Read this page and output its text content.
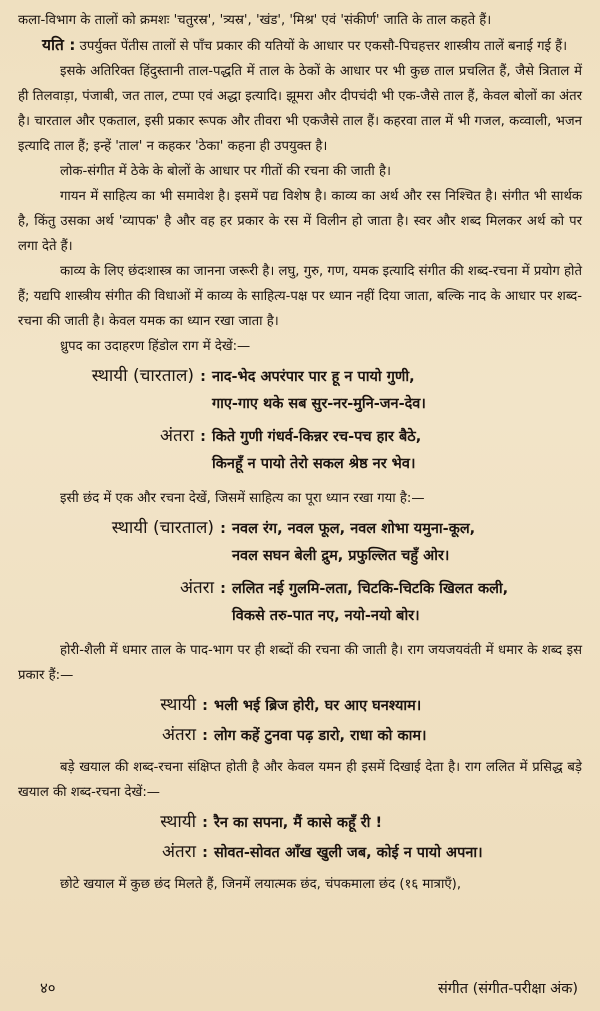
कला-विभाग के तालों को क्रमशः 'चतुरस्र', 'त्र्यस्र', 'खंड', 'मिश्र' एवं 'संकीर्ण' जाति के ताल कहते हैं।

यति : उपर्युक्त पेंतीस तालों से पाँच प्रकार की यतियों के आधार पर एकसौ-पिचहत्तर शास्त्रीय तालें बनाई गई हैं।

इसके अतिरिक्त हिंदुस्तानी ताल-पद्धति में ताल के ठेकों के आधार पर भी कुछ ताल प्रचलित हैं, जैसे त्रिताल में ही तिलवाड़ा, पंजाबी, जत ताल, टप्पा एवं अद्धा इत्यादि। झूमरा और दीपचंदी भी एक-जैसे ताल हैं, केवल बोलों का अंतर है। चारताल और एकताल, इसी प्रकार रूपक और तीवरा भी एकजैसे ताल हैं। कहरवा ताल में भी गजल, कव्वाली, भजन इत्यादि ताल हैं; इन्हें 'ताल' न कहकर 'ठेका' कहना ही उपयुक्त है।

लोक-संगीत में ठेके के बोलों के आधार पर गीतों की रचना की जाती है।

गायन में साहित्य का भी समावेश है। इसमें पद्य विशेष है। काव्य का अर्थ और रस निश्चित है। संगीत भी सार्थक है, किंतु उसका अर्थ 'व्यापक' है और वह हर प्रकार के रस में विलीन हो जाता है। स्वर और शब्द मिलकर अर्थ को पर लगा देते हैं।

काव्य के लिए छंदःशास्त्र का जानना जरूरी है। लघु, गुरु, गण, यमक इत्यादि संगीत की शब्द-रचना में प्रयोग होते हैं; यद्यपि शास्त्रीय संगीत की विधाओं में काव्य के साहित्य-पक्ष पर ध्यान नहीं दिया जाता, बल्कि नाद के आधार पर शब्द-रचना की जाती है। केवल यमक का ध्यान रखा जाता है।

ध्रुपद का उदाहरण हिंडोल राग में देखें:—

स्थायी (चारताल) : नाद-भेद अपरंपार पार हू न पायो गुणी,
गाए-गाए थके सब सुर-नर-मुनि-जन-देव।
अंतरा : किते गुणी गंधर्व-किन्नर रच-पच हार बैठे,
किनहूँ न पायो तेरो सकल श्रेष्ठ नर भेव।

इसी छंद में एक और रचना देखें, जिसमें साहित्य का पूरा ध्यान रखा गया है:—

स्थायी (चारताल) : नवल रंग, नवल फूल, नवल शोभा यमुना-कूल,
नवल सघन बेली द्रुम, प्रफुल्लित चहुँ ओर।
अंतरा : ललित नई गुलमि-लता, चिटकि-चिटकि खिलत कली,
विकसे तरु-पात नए, नयो-नयो बोर।

होरी-शैली में धमार ताल के पाद-भाग पर ही शब्दों की रचना की जाती है। राग जयजयवंती में धमार के शब्द इस प्रकार हैं:—

स्थायी : भली भई ब्रिज होरी, घर आए घनश्याम।
अंतरा : लोग कहें टुनवा पढ़ डारो, राधा को काम।

बड़े खयाल की शब्द-रचना संक्षिप्त होती है और केवल यमन ही इसमें दिखाई देता है। राग ललित में प्रसिद्ध बड़े खयाल की शब्द-रचना देखें:—

स्थायी : रैन का सपना, मैं कासे कहूँ री !
अंतरा : सोवत-सोवत आँख खुली जब, कोई न पायो अपना।

छोटे खयाल में कुछ छंद मिलते हैं, जिनमें लयात्मक छंद, चंपकमाला छंद (१६ मात्राएँ),

४०	संगीत (संगीत-परीक्षा अंक)
